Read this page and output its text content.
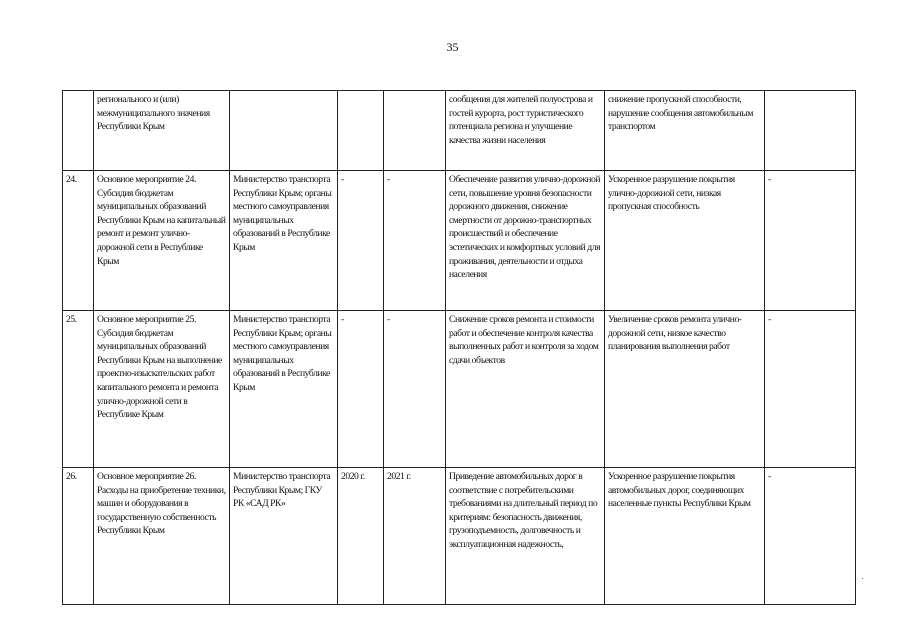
35
	регионального и (или) межмуниципального значения Республики Крым				сообщения для жителей полуострова и гостей курорта, рост туристического потенциала региона и улучшение качества жизни населения	снижение пропускной способности, нарушение сообщения автомобильным транспортом	
24.	Основное мероприятие 24. Субсидия бюджетам муниципальных образований Республики Крым на капитальный ремонт и ремонт улично-дорожной сети в Республике Крым	Министерство транспорта Республики Крым; органы местного самоуправления муниципальных образований в Республике Крым	-	-	Обеспечение развития улично-дорожной сети, повышение уровня безопасности дорожного движения, снижение смертности от дорожно-транспортных происшествий и обеспечение эстетических и комфортных условий для проживания, деятельности и отдыха населения	Ускоренное разрушение покрытия улично-дорожной сети, низкая пропускная способность	-
25.	Основное мероприятие 25. Субсидия бюджетам муниципальных образований Республики Крым на выполнение проектно-изыскательских работ капитального ремонта и ремонта улично-дорожной сети в Республике Крым	Министерство транспорта Республики Крым; органы местного самоуправления муниципальных образований в Республике Крым	-	-	Снижение сроков ремонта и стоимости работ и обеспечение контроля качества выполненных работ и контроля за ходом сдачи объектов	Увеличение сроков ремонта улично-дорожной сети, низкое качество планирования выполнения работ	-
26.	Основное мероприятие 26. Расходы на приобретение техники, машин и оборудования в государственную собственность Республики Крым	Министерство транспорта Республики Крым; ГКУ РК «САД РК»	2020 г.	2021 г.	Приведение автомобильных дорог в соответствие с потребительскими требованиями на длительный период по критериям: безопасность движения, грузоподъемность, долговечность и эксплуатационная надежность,	Ускоренное разрушение покрытия автомобильных дорог, соединяющих населенные пункты Республики Крым	-
